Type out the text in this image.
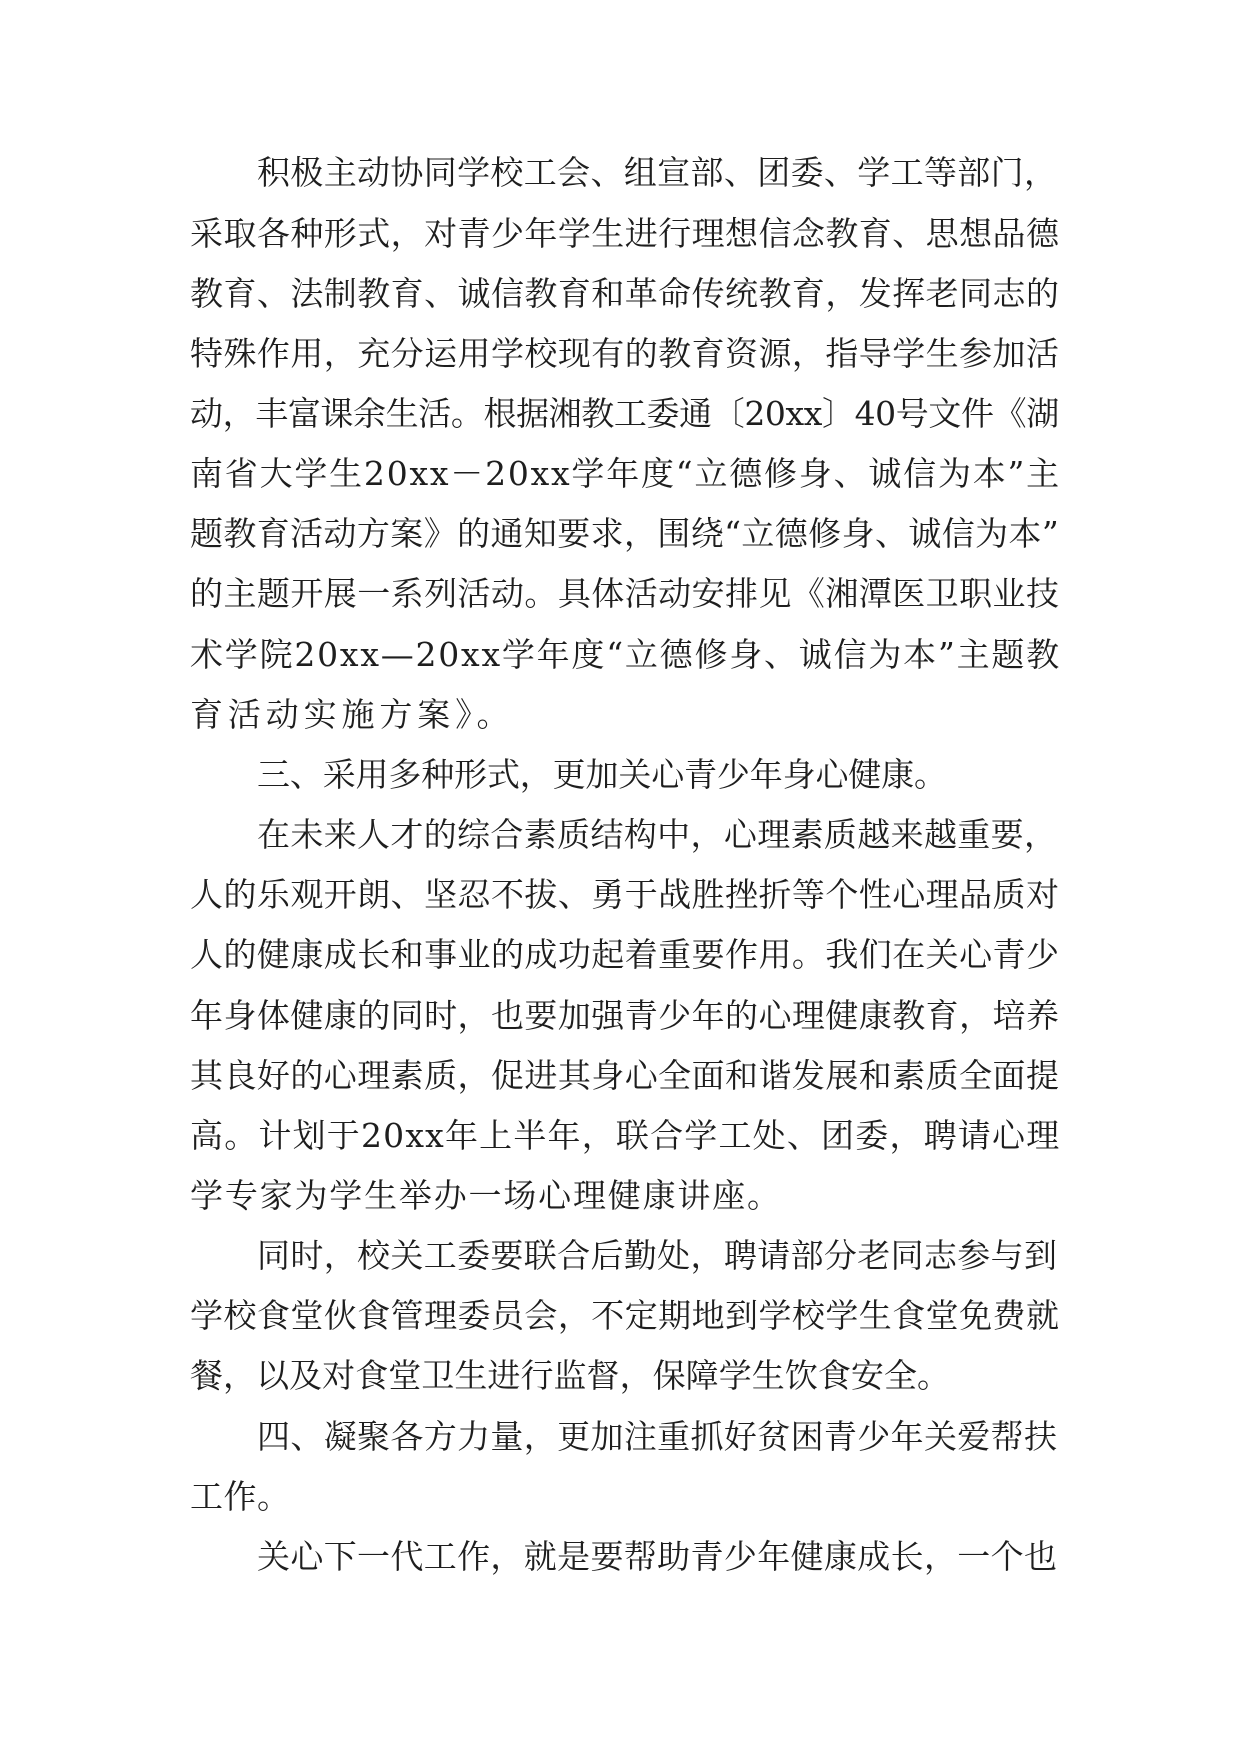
积极主动协同学校工会、组宣部、团委、学工等部门，
采取各种形式，对青少年学生进行理想信念教育、思想品德
教育、法制教育、诚信教育和革命传统教育，发挥老同志的
特殊作用，充分运用学校现有的教育资源，指导学生参加活
动，丰富课余生活。根据湘教工委通〔20xx〕40号文件《湖
南省大学生20xx－20xx学年度“立德修身、诚信为本”主
题教育活动方案》的通知要求，围绕“立德修身、诚信为本”
的主题开展一系列活动。具体活动安排见《湘潭医卫职业技
术学院20xx—20xx学年度“立德修身、诚信为本”主题教
育活动实施方案》。
三、采用多种形式，更加关心青少年身心健康。
在未来人才的综合素质结构中，心理素质越来越重要，
人的乐观开朗、坚忍不拔、勇于战胜挫折等个性心理品质对
人的健康成长和事业的成功起着重要作用。我们在关心青少
年身体健康的同时，也要加强青少年的心理健康教育，培养
其良好的心理素质，促进其身心全面和谐发展和素质全面提
高。计划于20xx年上半年，联合学工处、团委，聘请心理
学专家为学生举办一场心理健康讲座。
同时，校关工委要联合后勤处，聘请部分老同志参与到
学校食堂伙食管理委员会，不定期地到学校学生食堂免费就
餐，以及对食堂卫生进行监督，保障学生饮食安全。
四、凝聚各方力量，更加注重抓好贫困青少年关爱帮扶
工作。
关心下一代工作，就是要帮助青少年健康成长，一个也
